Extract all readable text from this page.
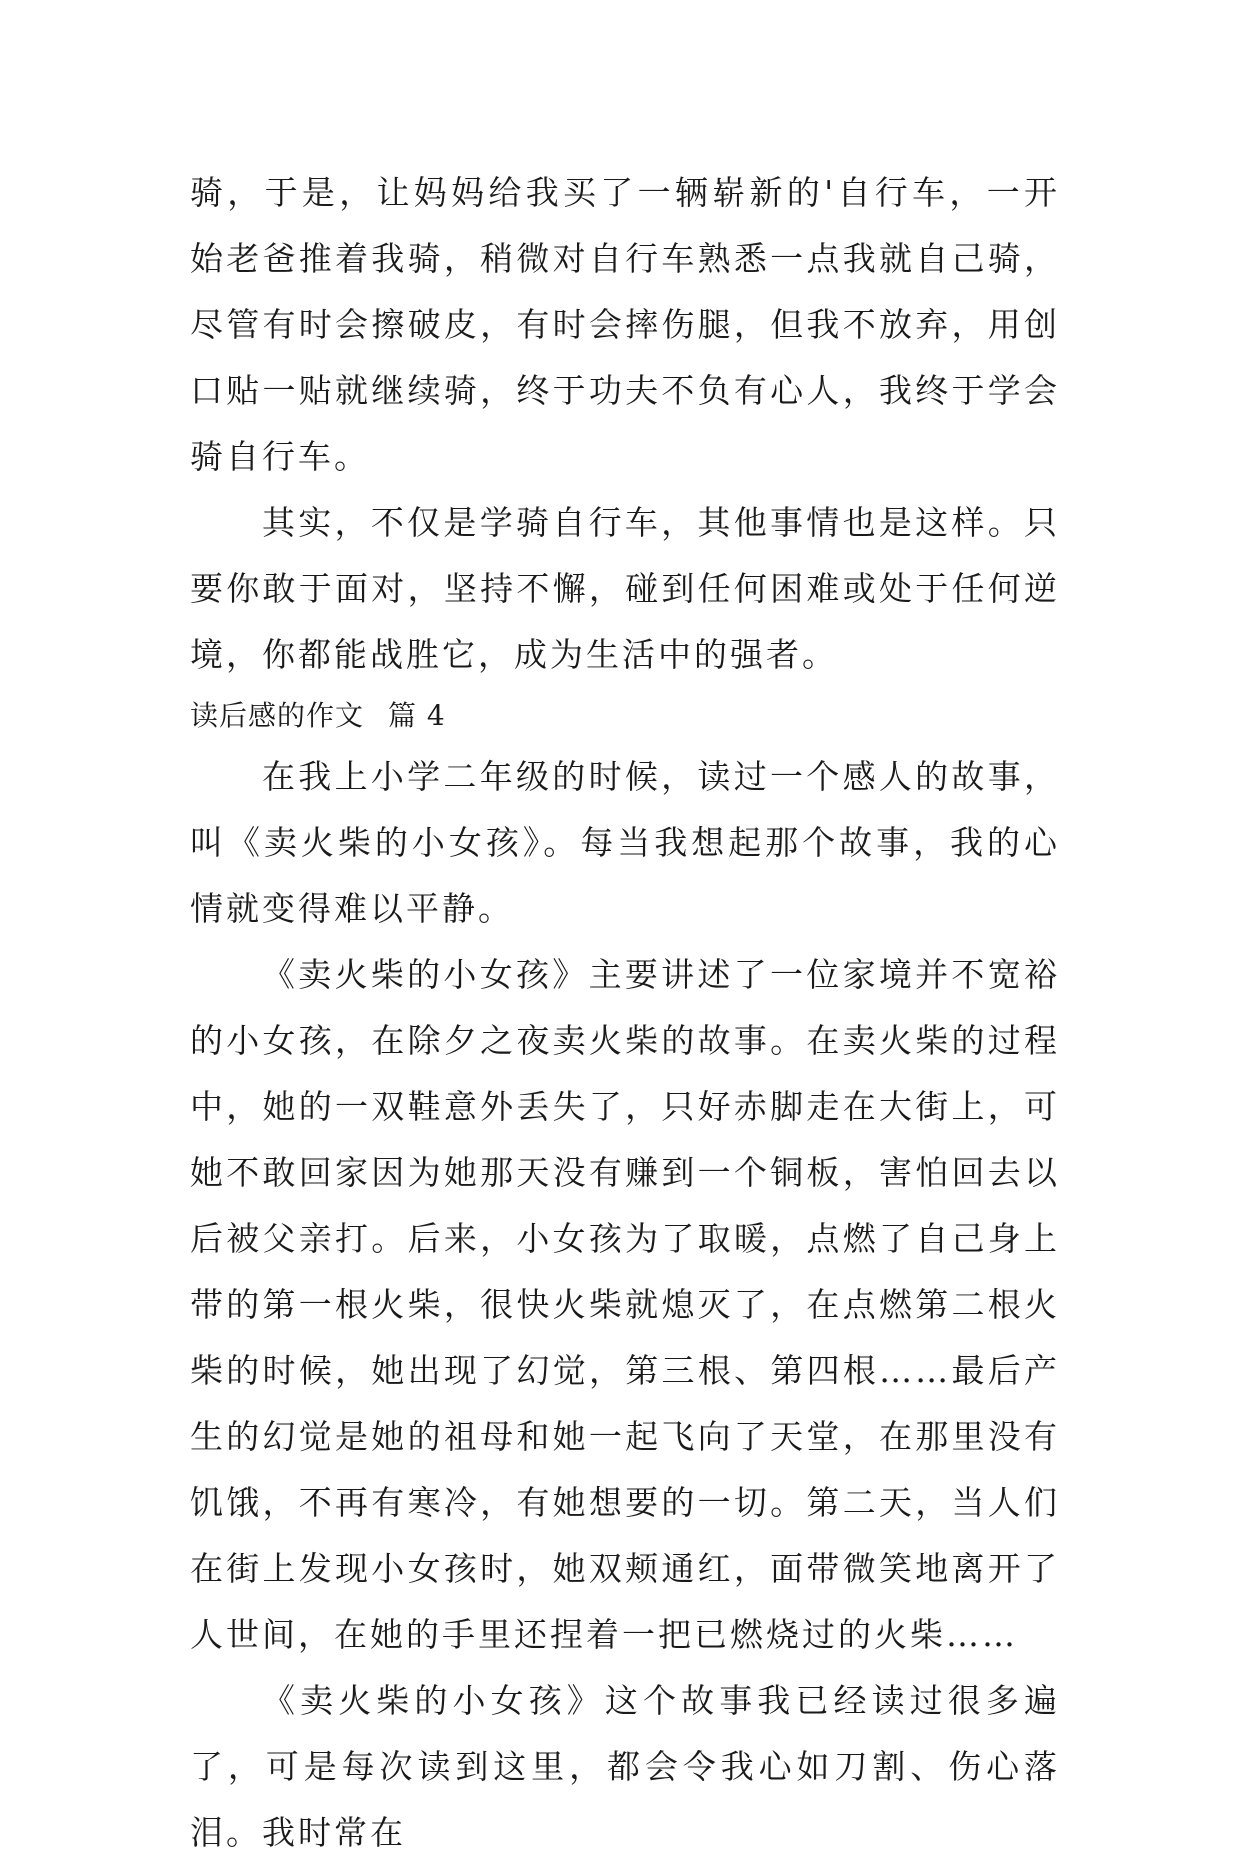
骑，于是，让妈妈给我买了一辆崭新的'自行车，一开始老爸推着我骑，稍微对自行车熟悉一点我就自己骑，尽管有时会擦破皮，有时会摔伤腿，但我不放弃，用创口贴一贴就继续骑，终于功夫不负有心人，我终于学会骑自行车。

其实，不仅是学骑自行车，其他事情也是这样。只要你敢于面对，坚持不懈，碰到任何困难或处于任何逆境，你都能战胜它，成为生活中的强者。

读后感的作文 篇 4

在我上小学二年级的时候，读过一个感人的故事，叫《卖火柴的小女孩》。每当我想起那个故事，我的心情就变得难以平静。

《卖火柴的小女孩》主要讲述了一位家境并不宽裕的小女孩，在除夕之夜卖火柴的故事。在卖火柴的过程中，她的一双鞋意外丢失了，只好赤脚走在大街上，可她不敢回家因为她那天没有赚到一个铜板，害怕回去以后被父亲打。后来，小女孩为了取暖，点燃了自己身上带的第一根火柴，很快火柴就熄灭了，在点燃第二根火柴的时候，她出现了幻觉，第三根、第四根……最后产生的幻觉是她的祖母和她一起飞向了天堂，在那里没有饥饿，不再有寒冷，有她想要的一切。第二天，当人们在街上发现小女孩时，她双颊通红，面带微笑地离开了人世间，在她的手里还捏着一把已燃烧过的火柴……

《卖火柴的小女孩》这个故事我已经读过很多遍了，可是每次读到这里，都会令我心如刀割、伤心落泪。我时常在
